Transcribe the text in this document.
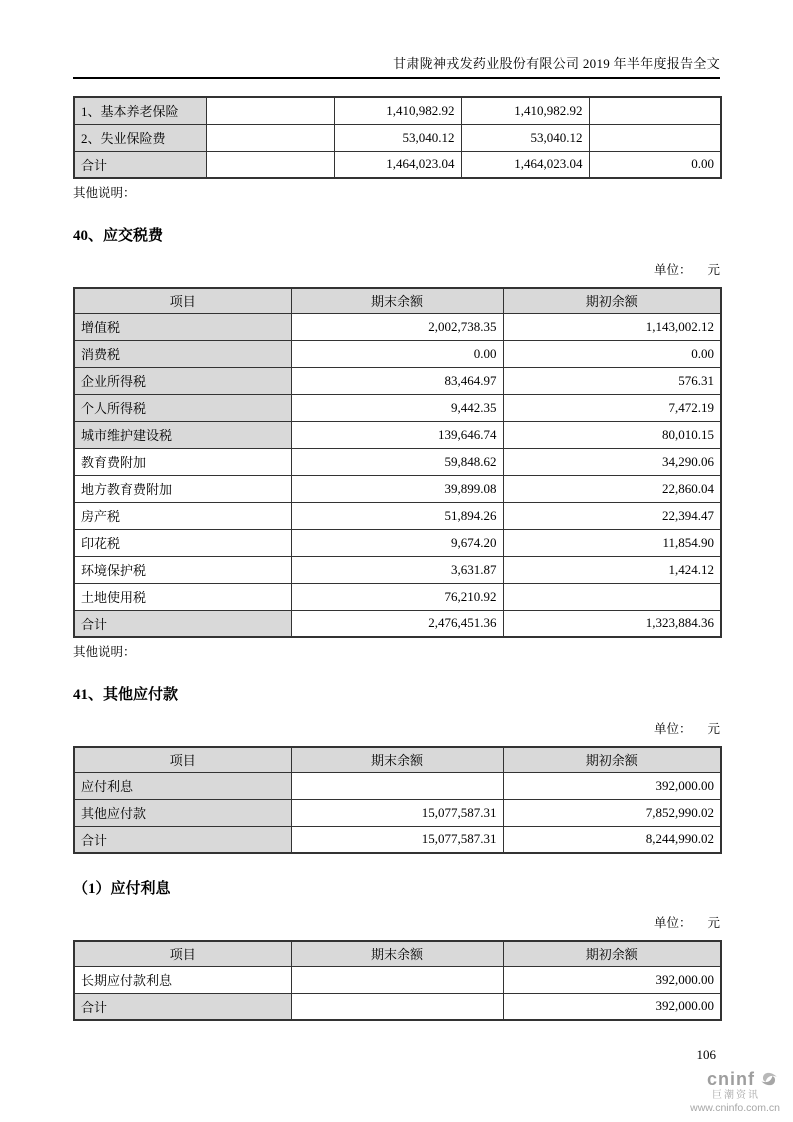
甘肃陇神戎发药业股份有限公司 2019 年半年度报告全文
1、基本养老保险		1,410,982.92	1,410,982.92	
2、失业保险费		53,040.12	53,040.12	
合计		1,464,023.04	1,464,023.04	0.00
其他说明：
40、应交税费
单位： 元
项目	期末余额	期初余额
增值税	2,002,738.35	1,143,002.12
消费税	0.00	0.00
企业所得税	83,464.97	576.31
个人所得税	9,442.35	7,472.19
城市维护建设税	139,646.74	80,010.15
教育费附加	59,848.62	34,290.06
地方教育费附加	39,899.08	22,860.04
房产税	51,894.26	22,394.47
印花税	9,674.20	11,854.90
环境保护税	3,631.87	1,424.12
土地使用税	76,210.92	
合计	2,476,451.36	1,323,884.36
其他说明：
41、其他应付款
单位： 元
项目	期末余额	期初余额
应付利息		392,000.00
其他应付款	15,077,587.31	7,852,990.02
合计	15,077,587.31	8,244,990.02
（1）应付利息
单位： 元
项目	期末余额	期初余额
长期应付款利息		392,000.00
合计		392,000.00
106
cninf
巨潮资讯
www.cninfo.com.cn
